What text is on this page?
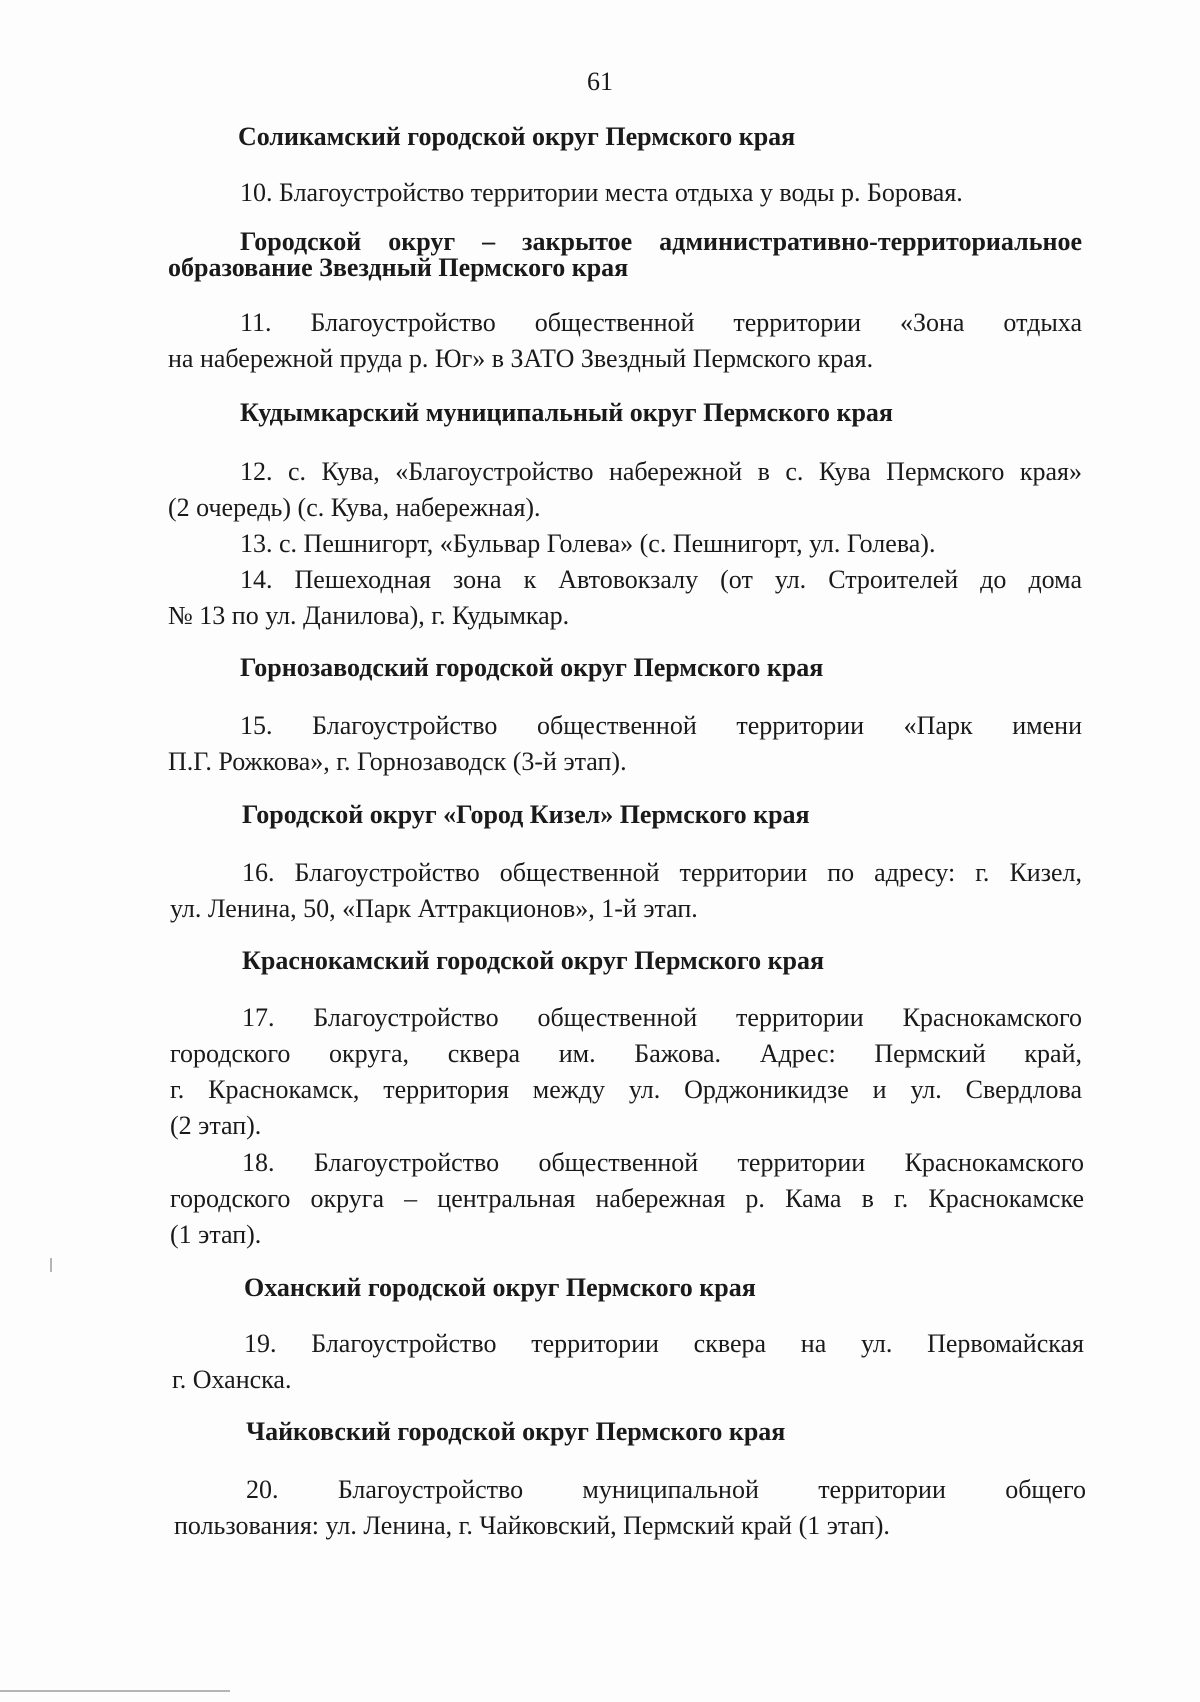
61
Соликамский городской округ Пермского края

10. Благоустройство территории места отдыха у воды р. Боровая.

Городской округ – закрытое административно-территориальное
образование Звездный Пермского края

11. Благоустройство общественной территории «Зона отдыха

на набережной пруда р. Юг» в ЗАТО Звездный Пермского края.

Кудымкарский муниципальный округ Пермского края

12. с. Кува, «Благоустройство набережной в с. Кува Пермского края»

(2 очередь) (с. Кува, набережная).

13. с. Пешнигорт, «Бульвар Голева» (с. Пешнигорт, ул. Голева).

14. Пешеходная зона к Автовокзалу (от ул. Строителей до дома

№ 13 по ул. Данилова), г. Кудымкар.

Горнозаводский городской округ Пермского края

15. Благоустройство общественной территории «Парк имени

П.Г. Рожкова», г. Горнозаводск (3-й этап).

Городской округ «Город Кизел» Пермского края

16. Благоустройство общественной территории по адресу: г. Кизел,

ул. Ленина, 50, «Парк Аттракционов», 1-й этап.

Краснокамский городской округ Пермского края

17. Благоустройство общественной территории Краснокамского

городского округа, сквера им. Бажова. Адрес: Пермский край,

г. Краснокамск, территория между ул. Орджоникидзе и ул. Свердлова

(2 этап).

18. Благоустройство общественной территории Краснокамского

городского округа – центральная набережная р. Кама в г. Краснокамске

(1 этап).

Оханский городской округ Пермского края

19. Благоустройство территории сквера на ул. Первомайская

г. Оханска.

Чайковский городской округ Пермского края

20. Благоустройство муниципальной территории общего

пользования: ул. Ленина, г. Чайковский, Пермский край (1 этап).
